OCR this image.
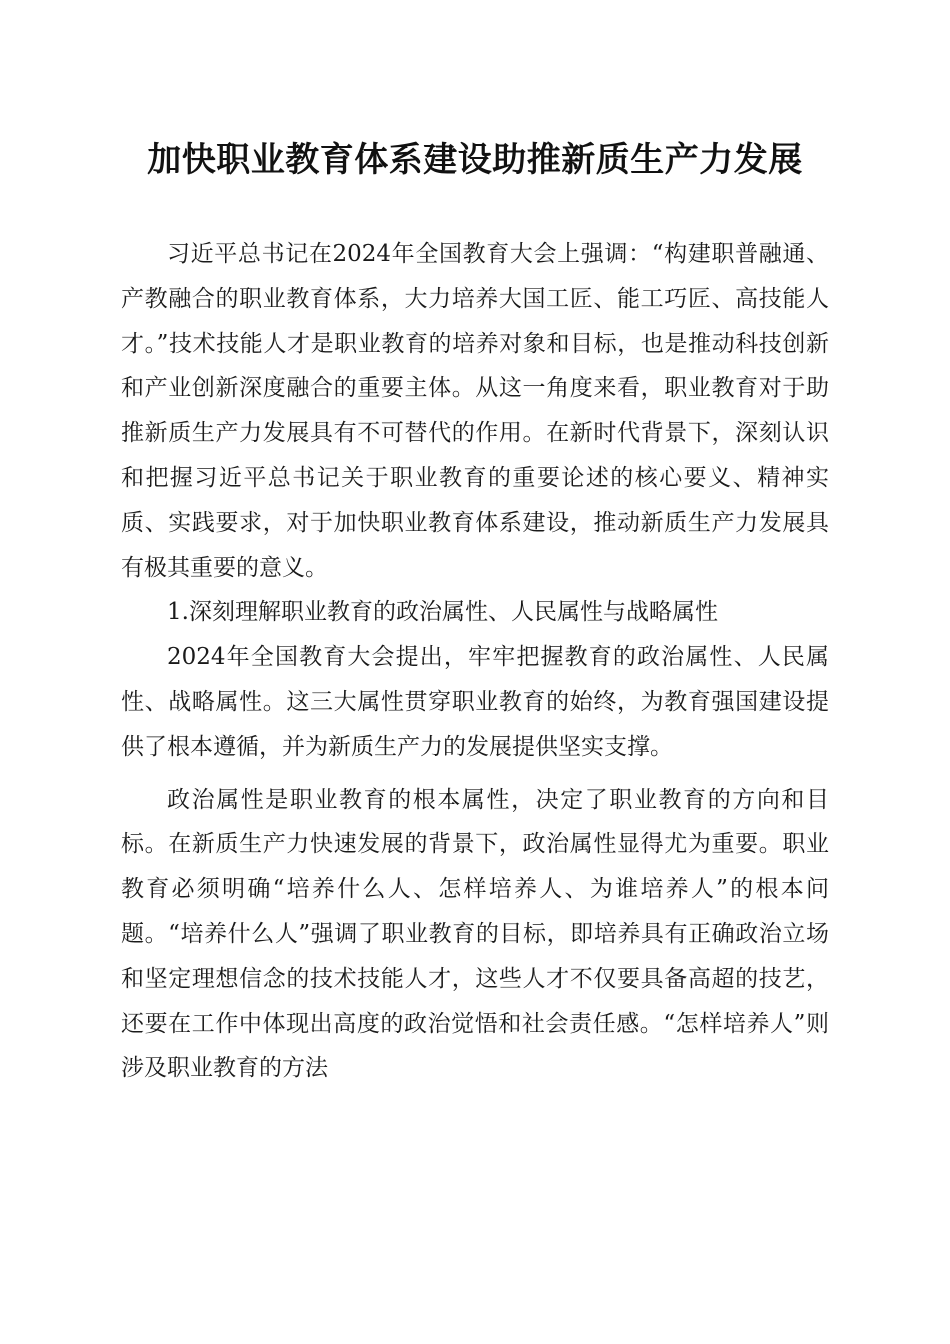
加快职业教育体系建设助推新质生产力发展

习近平总书记在2024年全国教育大会上强调：“构建职普融通、产教融合的职业教育体系，大力培养大国工匠、能工巧匠、高技能人才。”技术技能人才是职业教育的培养对象和目标，也是推动科技创新和产业创新深度融合的重要主体。从这一角度来看，职业教育对于助推新质生产力发展具有不可替代的作用。在新时代背景下，深刻认识和把握习近平总书记关于职业教育的重要论述的核心要义、精神实质、实践要求，对于加快职业教育体系建设，推动新质生产力发展具有极其重要的意义。

1.深刻理解职业教育的政治属性、人民属性与战略属性

2024年全国教育大会提出，牢牢把握教育的政治属性、人民属性、战略属性。这三大属性贯穿职业教育的始终，为教育强国建设提供了根本遵循，并为新质生产力的发展提供坚实支撑。

政治属性是职业教育的根本属性，决定了职业教育的方向和目标。在新质生产力快速发展的背景下，政治属性显得尤为重要。职业教育必须明确“培养什么人、怎样培养人、为谁培养人”的根本问题。“培养什么人”强调了职业教育的目标，即培养具有正确政治立场和坚定理想信念的技术技能人才，这些人才不仅要具备高超的技艺，还要在工作中体现出高度的政治觉悟和社会责任感。“怎样培养人”则涉及职业教育的方法
